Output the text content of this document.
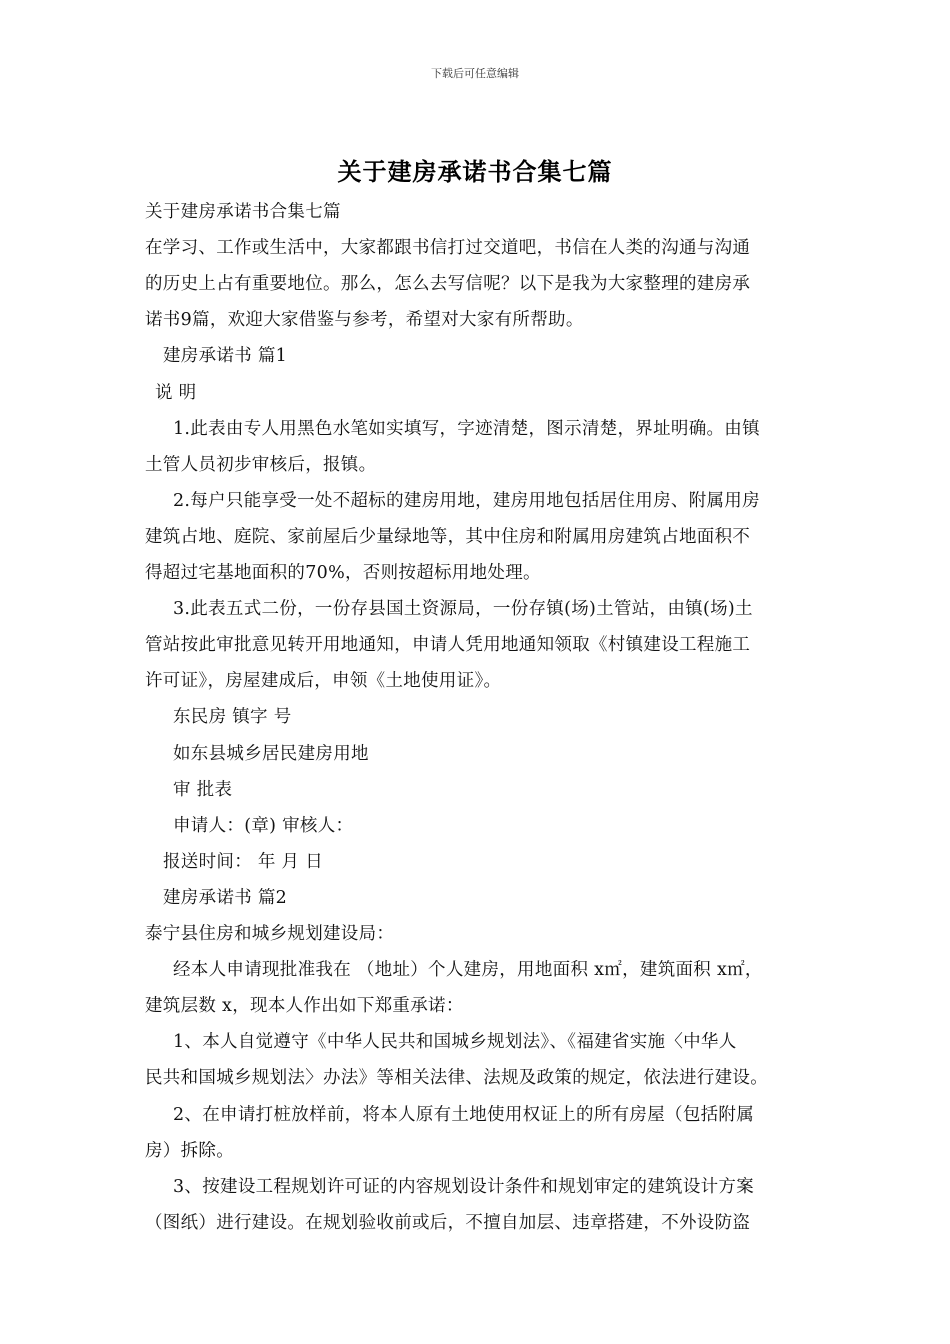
下载后可任意编辑
关于建房承诺书合集七篇
关于建房承诺书合集七篇
在学习、工作或生活中，大家都跟书信打过交道吧，书信在人类的沟通与沟通
的历史上占有重要地位。那么，怎么去写信呢？以下是我为大家整理的建房承
诺书9篇，欢迎大家借鉴与参考，希望对大家有所帮助。
建房承诺书 篇1
说 明
1.此表由专人用黑色水笔如实填写，字迹清楚，图示清楚，界址明确。由镇
土管人员初步审核后，报镇。
2.每户只能享受一处不超标的建房用地，建房用地包括居住用房、附属用房
建筑占地、庭院、家前屋后少量绿地等，其中住房和附属用房建筑占地面积不
得超过宅基地面积的70%，否则按超标用地处理。
3.此表五式二份，一份存县国土资源局，一份存镇(场)土管站，由镇(场)土
管站按此审批意见转开用地通知，申请人凭用地通知领取《村镇建设工程施工
许可证》，房屋建成后，申领《土地使用证》。
东民房 镇字 号
如东县城乡居民建房用地
审 批表
申请人：(章) 审核人：
报送时间： 年 月 日
建房承诺书 篇2
泰宁县住房和城乡规划建设局：
经本人申请现批准我在 （地址）个人建房，用地面积 x㎡，建筑面积 x㎡，
建筑层数 x，现本人作出如下郑重承诺：
1、本人自觉遵守《中华人民共和国城乡规划法》、《福建省实施〈中华人
民共和国城乡规划法〉办法》等相关法律、法规及政策的规定，依法进行建设。
2、在申请打桩放样前，将本人原有土地使用权证上的所有房屋（包括附属
房）拆除。
3、按建设工程规划许可证的内容规划设计条件和规划审定的建筑设计方案
（图纸）进行建设。在规划验收前或后，不擅自加层、违章搭建，不外设防盗
